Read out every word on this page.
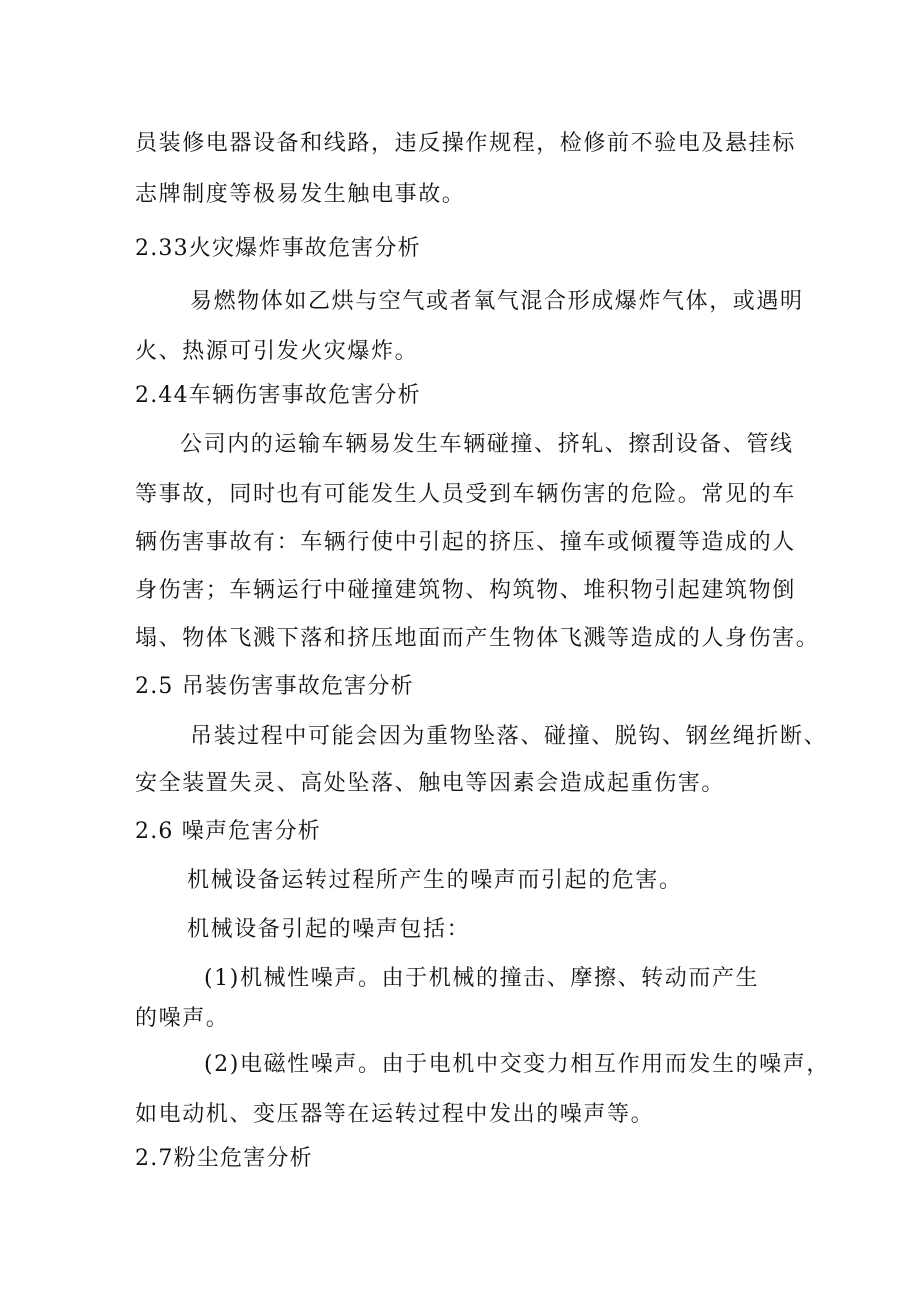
员装修电器设备和线路，违反操作规程，检修前不验电及悬挂标
志牌制度等极易发生触电事故。
2.33火灾爆炸事故危害分析
易燃物体如乙烘与空气或者氧气混合形成爆炸气体，或遇明
火、热源可引发火灾爆炸。
2.44车辆伤害事故危害分析
公司内的运输车辆易发生车辆碰撞、挤轧、擦刮设备、管线
等事故，同时也有可能发生人员受到车辆伤害的危险。常见的车
辆伤害事故有：车辆行使中引起的挤压、撞车或倾覆等造成的人
身伤害；车辆运行中碰撞建筑物、构筑物、堆积物引起建筑物倒
塌、物体飞溅下落和挤压地面而产生物体飞溅等造成的人身伤害。
2.5 吊装伤害事故危害分析
吊装过程中可能会因为重物坠落、碰撞、脱钩、钢丝绳折断、
安全装置失灵、高处坠落、触电等因素会造成起重伤害。
2.6 噪声危害分析
机械设备运转过程所产生的噪声而引起的危害。
机械设备引起的噪声包括：
(1)机械性噪声。由于机械的撞击、摩擦、转动而产生
的噪声。
(2)电磁性噪声。由于电机中交变力相互作用而发生的噪声，
如电动机、变压器等在运转过程中发出的噪声等。
2.7粉尘危害分析
